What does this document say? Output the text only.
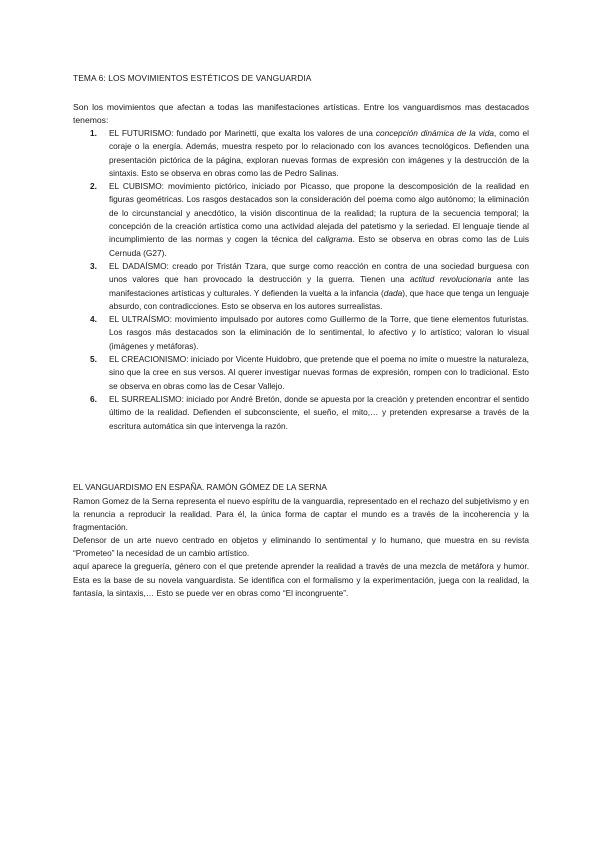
TEMA 6: LOS MOVIMIENTOS ESTÉTICOS DE VANGUARDIA
Son los movimientos que afectan a todas las manifestaciones artísticas. Entre los vanguardismos mas destacados tenemos:
1. EL FUTURISMO: fundado por Marinetti, que exalta los valores de una concepción dinámica de la vida, como el coraje o la energía. Además, muestra respeto por lo relacionado con los avances tecnológicos. Defienden una presentación pictórica de la página, exploran nuevas formas de expresión con imágenes y la destrucción de la sintaxis. Esto se observa en obras como las de Pedro Salinas.
2. EL CUBISMO: movimiento pictórico, iniciado por Picasso, que propone la descomposición de la realidad en figuras geométricas. Los rasgos destacados son la consideración del poema como algo autónomo; la eliminación de lo circunstancial y anecdótico, la visión discontinua de la realidad; la ruptura de la secuencia temporal; la concepción de la creación artística como una actividad alejada del patetismo y la seriedad. El lenguaje tiende al incumplimiento de las normas y cogen la técnica del caligrama. Esto se observa en obras como las de Luis Cernuda (G27).
3. EL DADAÍSMO: creado por Tristán Tzara, que surge como reacción en contra de una sociedad burguesa con unos valores que han provocado la destrucción y la guerra. Tienen una actitud revolucionaria ante las manifestaciones artísticas y culturales. Y defienden la vuelta a la infancia (dada), que hace que tenga un lenguaje absurdo, con contradicciones. Esto se observa en los autores surrealistas.
4. EL ULTRAÍSMO: movimiento impulsado por autores como Guillermo de la Torre, que tiene elementos futuristas. Los rasgos más destacados son la eliminación de lo sentimental, lo afectivo y lo artístico; valoran lo visual (imágenes y metáforas).
5. EL CREACIONISMO: iniciado por Vicente Huidobro, que pretende que el poema no imite o muestre la naturaleza, sino que la cree en sus versos. Al querer investigar nuevas formas de expresión, rompen con lo tradicional. Esto se observa en obras como las de Cesar Vallejo.
6. EL SURREALISMO: iniciado por André Bretón, donde se apuesta por la creación y pretenden encontrar el sentido último de la realidad. Defienden el subconsciente, el sueño, el mito,… y pretenden expresarse a través de la escritura automática sin que intervenga la razón.
EL VANGUARDISMO EN ESPAÑA. RAMÓN GÓMEZ DE LA SERNA

Ramon Gomez de la Serna representa el nuevo espíritu de la vanguardia, representado en el rechazo del subjetivismo y en la renuncia a reproducir la realidad. Para él, la única forma de captar el mundo es a través de la incoherencia y la fragmentación.

Defensor de un arte nuevo centrado en objetos y eliminando lo sentimental y lo humano, que muestra en su revista “Prometeo” la necesidad de un cambio artístico.

aquí aparece la greguería, género con el que pretende aprender la realidad a través de una mezcla de metáfora y humor. Esta es la base de su novela vanguardista. Se identifica con el formalismo y la experimentación, juega con la realidad, la fantasía, la sintaxis,… Esto se puede ver en obras como “El incongruente”.
